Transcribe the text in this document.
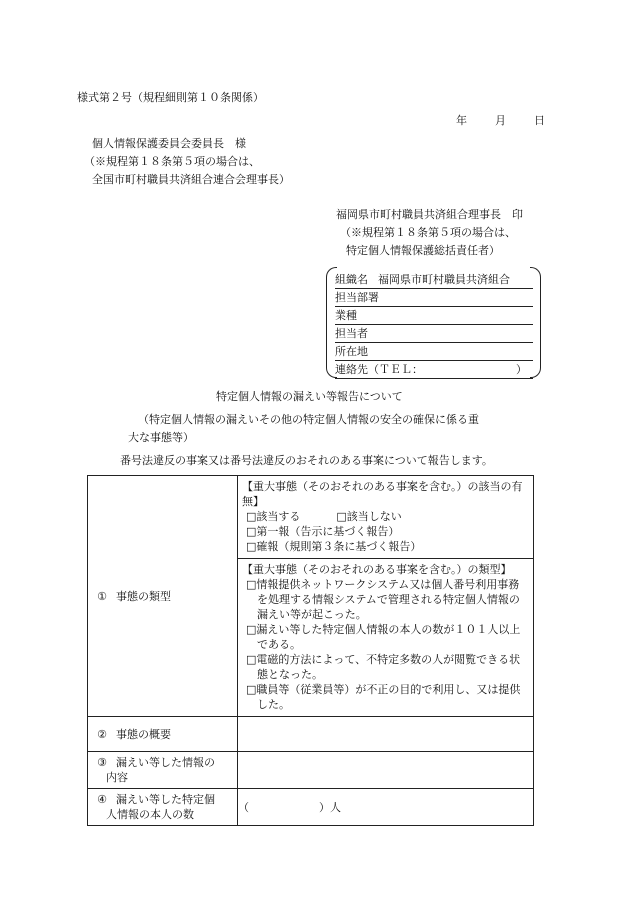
様式第２号（規程細則第１０条関係）
年　　月　　日
個人情報保護委員会委員長　様
（※規程第１８条第５項の場合は、
全国市町村職員共済組合連合会理事長）
福岡県市町村職員共済組合理事長　印
（※規程第１８条第５項の場合は、
特定個人情報保護総括責任者）
組織名 福岡県市町村職員共済組合
担当部署
業種
担当者
所在地
連絡先（ＴＥＬ：	）
特定個人情報の漏えい等報告について
（特定個人情報の漏えいその他の特定個人情報の安全の確保に係る重
大な事態等）
番号法違反の事案又は番号法違反のおそれのある事案について報告します。
① 事態の類型	【重大事態（そのおそれのある事案を含む。）の該当の有無】
□該当する □該当しない
□第一報（告示に基づく報告）
□確報（規則第３条に基づく報告）

	【重大事態（そのおそれのある事案を含む。）の類型】
□情報提供ネットワークシステム又は個人番号利用事務を処理する情報システムで管理される特定個人情報の漏えい等が起こった。
□漏えい等した特定個人情報の本人の数が１０１人以上である。
□電磁的方法によって、不特定多数の人が閲覧できる状態となった。
□職員等（従業員等）が不正の目的で利用し、又は提供した。

② 事態の概要	
③ 漏えい等した情報の
内容	

④ 漏えい等した特定個
人情報の本人の数	（ ）人
